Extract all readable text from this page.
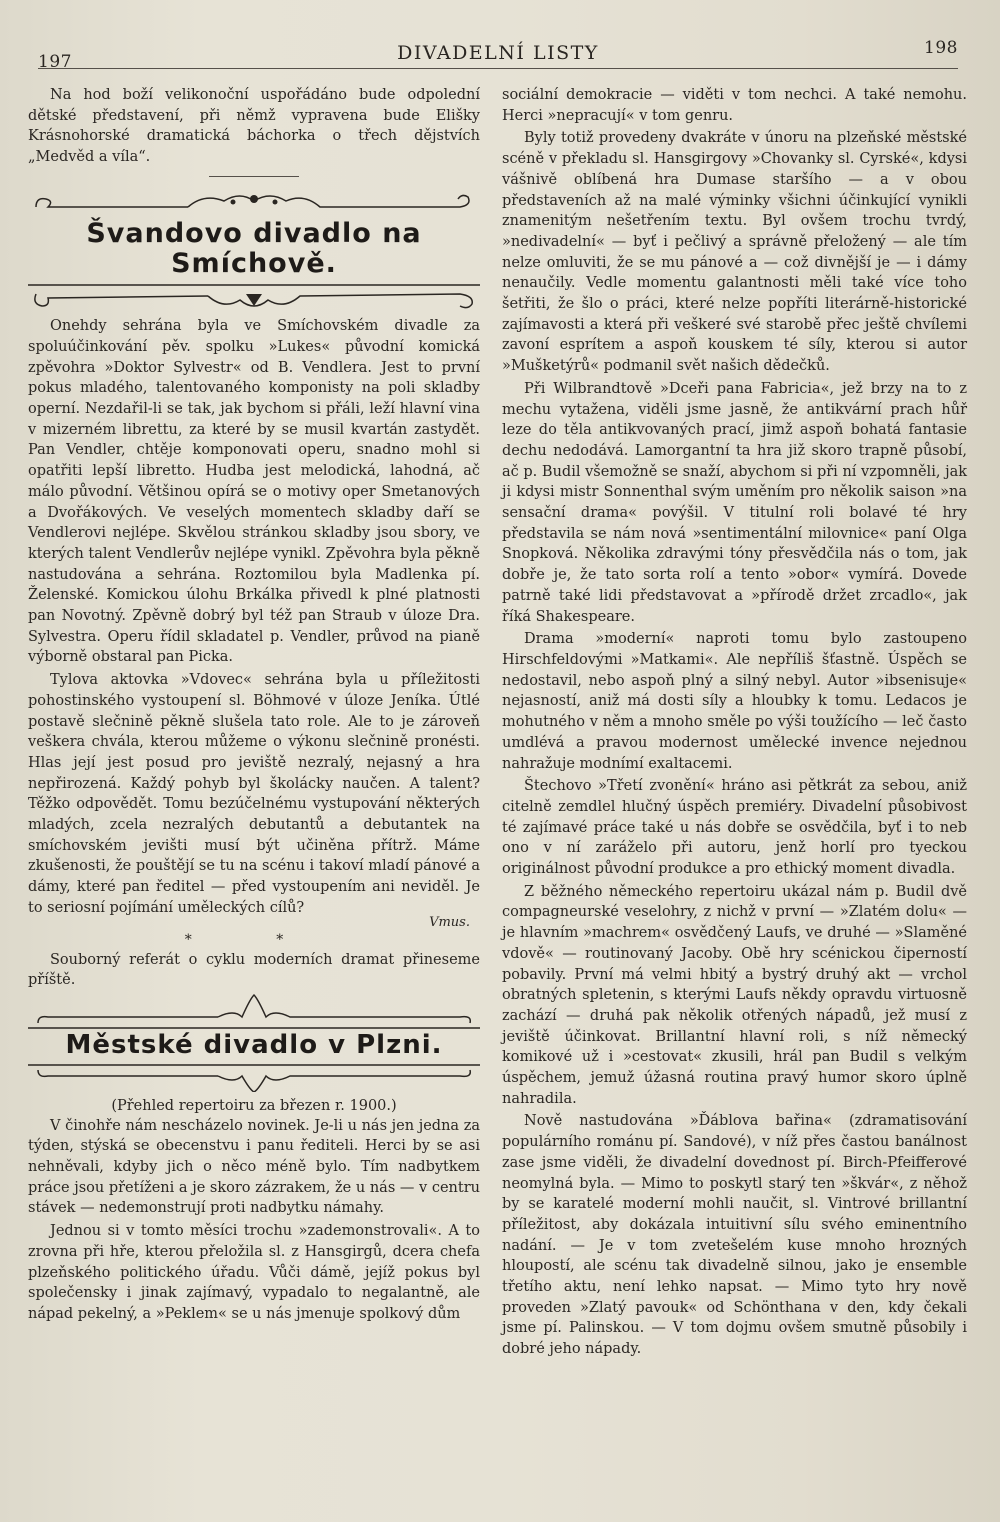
197	DIVADELNÍ LISTY	198

Na hod boží velikonoční uspořádáno bude odpolední dětské představení, při němž vypravena bude Elišky Krásnohorské dramatická báchorka o třech dějstvích „Medvěd a víla“.

Švandovo divadlo na Smíchově.

Onehdy sehrána byla ve Smíchovském divadle za spoluúčinkování pěv. spolku »Lukes« původní komická zpěvohra »Doktor Sylvestr« od B. Vendlera. Jest to první pokus mladého, talentovaného komponisty na poli skladby operní. Nezdařil-li se tak, jak bychom si přáli, leží hlavní vina v mizerném librettu, za které by se musil kvartán zastydět. Pan Vendler, chtěje komponovati operu, snadno mohl si opatřiti lepší libretto. Hudba jest melodická, lahodná, ač málo původní. Většinou opírá se o motivy oper Smetanových a Dvořákových. Ve veselých momentech skladby daří se Vendlerovi nejlépe. Skvělou stránkou skladby jsou sbory, ve kterých talent Vendlerův nejlépe vynikl. Zpěvohra byla pěkně nastudována a sehrána. Roztomilou byla Madlenka pí. Želenské. Komickou úlohu Brkálka přivedl k plné platnosti pan Novotný. Zpěvně dobrý byl též pan Straub v úloze Dra. Sylvestra. Operu řídil skladatel p. Vendler, průvod na pianě výborně obstaral pan Picka.

Tylova aktovka »Vdovec« sehrána byla u příležitosti pohostinského vystoupení sl. Böhmové v úloze Jeníka. Útlé postavě slečnině pěkně slušela tato role. Ale to je zároveň veškera chvála, kterou můžeme o výkonu slečnině pronésti. Hlas její jest posud pro jeviště nezralý, nejasný a hra nepřirozená. Každý pohyb byl školácky naučen. A talent? Těžko odpovědět. Tomu bezúčelnému vystupování některých mladých, zcela nezralých debutantů a debutantek na smíchovském jevišti musí být učiněna přítrž. Máme zkušenosti, že pouštějí se tu na scénu i takoví mladí pánové a dámy, které pan ředitel — před vystoupením ani neviděl. Je to seriosní pojímání uměleckých cílů?

Vmus.
* *

Souborný referát o cyklu moderních dramat přineseme příště.

Městské divadlo v Plzni.
(Přehled repertoiru za březen r. 1900.)

V činohře nám nescházelo novinek. Je-li u nás jen jedna za týden, stýská se obecenstvu i panu řediteli. Herci by se asi nehněvali, kdyby jich o něco méně bylo. Tím nadbytkem práce jsou přetíženi a je skoro zázrakem, že u nás — v centru stávek — nedemonstrují proti nadbytku námahy.

Jednou si v tomto měsíci trochu »zademonstrovali«. A to zrovna při hře, kterou přeložila sl. z Hansgirgů, dcera chefa plzeňského politického úřadu. Vůči dámě, jejíž pokus byl společensky i jinak zajímavý, vypadalo to negalantně, ale nápad pekelný, a »Peklem« se u nás jmenuje spolkový dům

sociální demokracie — viděti v tom nechci. A také nemohu. Herci »nepracují« v tom genru.

Byly totiž provedeny dvakráte v únoru na plzeňské městské scéně v překladu sl. Hansgirgovy »Chovanky sl. Cyrské«, kdysi vášnivě oblíbená hra Dumase staršího — a v obou představeních až na malé výminky všichni účinkující vynikli znamenitým nešetřením textu. Byl ovšem trochu tvrdý, »nedivadelní« — byť i pečlivý a správně přeložený — ale tím nelze omluviti, že se mu pánové a — což divnější je — i dámy nenaučily. Vedle momentu galantnosti měli také více toho šetřiti, že šlo o práci, které nelze popříti literárně-historické zajímavosti a která při veškeré své starobě přec ještě chvílemi zavoní esprítem a aspoň kouskem té síly, kterou si autor »Mušketýrů« podmanil svět našich dědečků.

Při Wilbrandtově »Dceři pana Fabricia«, jež brzy na to z mechu vytažena, viděli jsme jasně, že antikvární prach hůř leze do těla antikvovaných prací, jimž aspoň bohatá fantasie dechu nedodává. Lamorgantní ta hra již skoro trapně působí, ač p. Budil všemožně se snaží, abychom si při ní vzpomněli, jak ji kdysi mistr Sonnenthal svým uměním pro několik saison »na sensační drama« povýšil. V titulní roli bolavé té hry představila se nám nová »sentimentální milovnice« paní Olga Snopková. Několika zdravými tóny přesvědčila nás o tom, jak dobře je, že tato sorta rolí a tento »obor« vymírá. Dovede patrně také lidi představovat a »přírodě držet zrcadlo«, jak říká Shakespeare.

Drama »moderní« naproti tomu bylo zastoupeno Hirschfeldovými »Matkami«. Ale nepříliš šťastně. Úspěch se nedostavil, nebo aspoň plný a silný nebyl. Autor »ibsenisuje« nejasností, aniž má dosti síly a hloubky k tomu. Ledacos je mohutného v něm a mnoho směle po výši toužícího — leč často umdlévá a pravou modernost umělecké invence nejednou nahražuje modnímí exaltacemi.

Štechovo »Třetí zvonění« hráno asi pětkrát za sebou, aniž citelně zemdlel hlučný úspěch premiéry. Divadelní působivost té zajímavé práce také u nás dobře se osvědčila, byť i to neb ono v ní zaráželo při autoru, jenž horlí pro tyeckou originálnost původní produkce a pro ethický moment divadla.

Z běžného německého repertoiru ukázal nám p. Budil dvě compagneurské veselohry, z nichž v první — »Zlatém dolu« — je hlavním »machrem« osvědčený Laufs, ve druhé — »Slaměné vdově« — routinovaný Jacoby. Obě hry scénickou čiperností pobavily. První má velmi hbitý a bystrý druhý akt — vrchol obratných spletenin, s kterými Laufs někdy opravdu virtuosně zachází — druhá pak několik otřených nápadů, jež musí z jeviště účinkovat. Brillantní hlavní roli, s níž německý komikové už i »cestovat« zkusili, hrál pan Budil s velkým úspěchem, jemuž úžasná routina pravý humor skoro úplně nahradila.

Nově nastudována »Ďáblova bařina« (zdramatisování populárního románu pí. Sandové), v níž přes častou banálnost zase jsme viděli, že divadelní dovednost pí. Birch-Pfeifferové neomylná byla. — Mimo to poskytl starý ten »škvár«, z něhož by se karatelé moderní mohli naučit, sl. Vintrové brillantní příležitost, aby dokázala intuitivní sílu svého eminentního nadání. — Je v tom zvetešelém kuse mnoho hrozných hloupostí, ale scénu tak divadelně silnou, jako je ensemble třetího aktu, není lehko napsat. — Mimo tyto hry nově proveden »Zlatý pavouk« od Schönthana v den, kdy čekali jsme pí. Palinskou. — V tom dojmu ovšem smutně působily i dobré jeho nápady.
